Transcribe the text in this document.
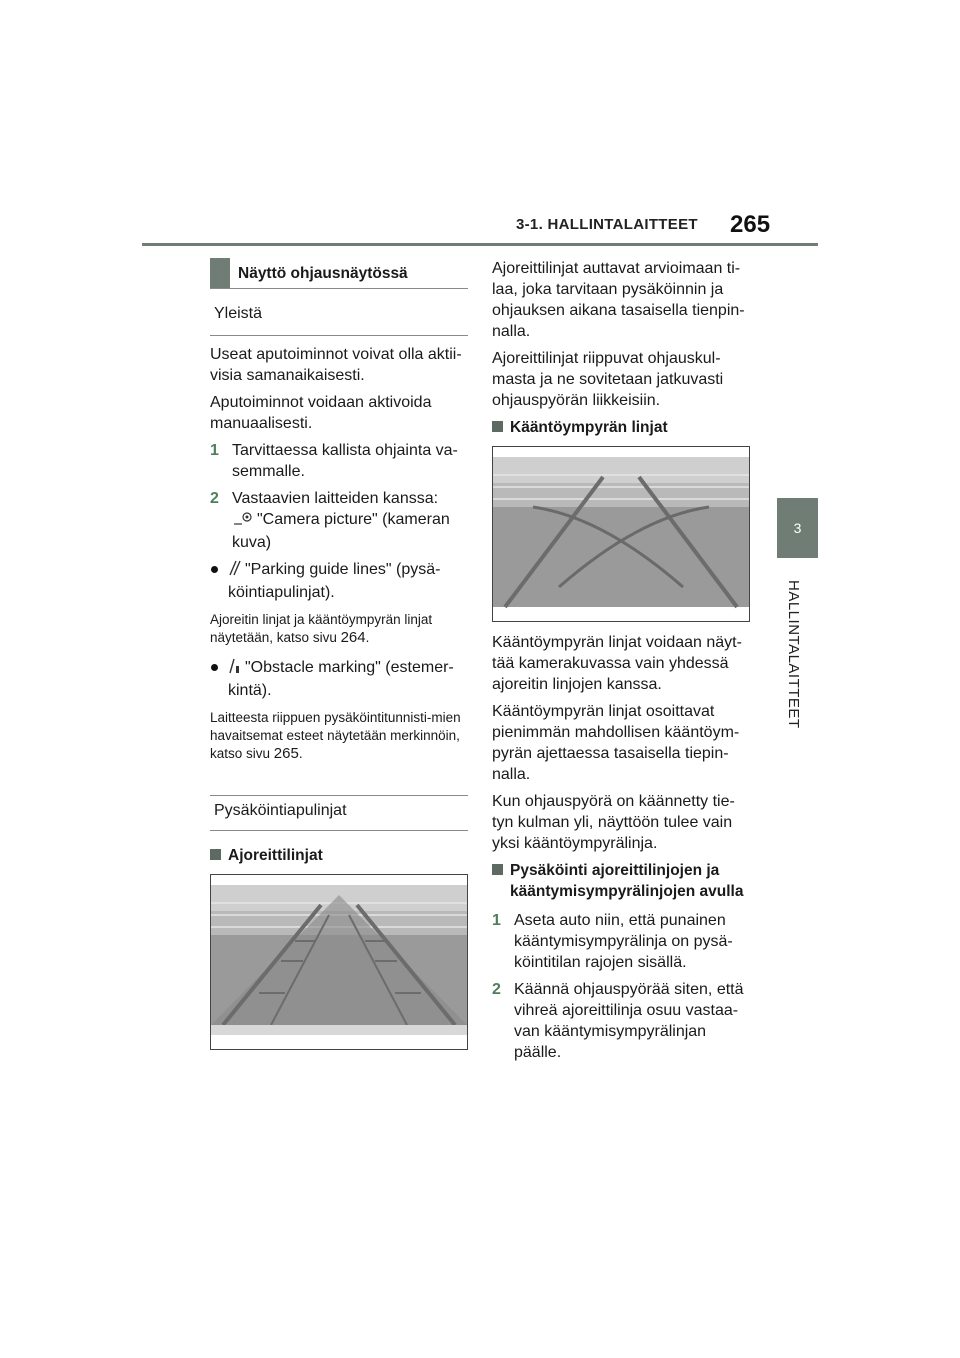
3-1. HALLINTALAITTEET 265
3
HALLINTALAITTEET
Näyttö ohjausnäytössä
Yleistä

Useat aputoiminnot voivat olla aktii-visia samanaikaisesti.

Aputoiminnot voidaan aktivoida manuaalisesti.

1 Tarvittaessa kallista ohjainta va-semmalle.
2 Vastaavien laitteiden kanssa:
"Camera picture" (kameran kuva)
"Parking guide lines" (pysä-köintiapulinjat).

Ajoreitin linjat ja kääntöympyrän linjat näytetään, katso sivu 264.

"Obstacle marking" (estemer-kintä).

Laitteesta riippuen pysäköintitunnisti-mien havaitsemat esteet näytetään merkinnöin, katso sivu 265.

Pysäköintiapulinjat
Ajoreittilinjat

Ajoreittilinjat auttavat arvioimaan ti-laa, joka tarvitaan pysäköinnin ja ohjauksen aikana tasaisella tienpin-nalla.

Ajoreittilinjat riippuvat ohjauskul-masta ja ne sovitetaan jatkuvasti ohjauspyörän liikkeisiin.

Kääntöympyrän linjat

Kääntöympyrän linjat voidaan näyt-tää kamerakuvassa vain yhdessä ajoreitin linjojen kanssa.

Kääntöympyrän linjat osoittavat pienimmän mahdollisen kääntöym-pyrän ajettaessa tasaisella tiepin-nalla.

Kun ohjauspyörä on käännetty tie-tyn kulman yli, näyttöön tulee vain yksi kääntöympyrälinja.

Pysäköinti ajoreittilinjojen ja kääntymisympyrälinjojen avulla
1 Aseta auto niin, että punainen kääntymisympyrälinja on pysä-köintitilan rajojen sisällä.
2 Käännä ohjauspyörää siten, että vihreä ajoreittilinja osuu vastaa-van kääntymisympyrälinjan päälle.
